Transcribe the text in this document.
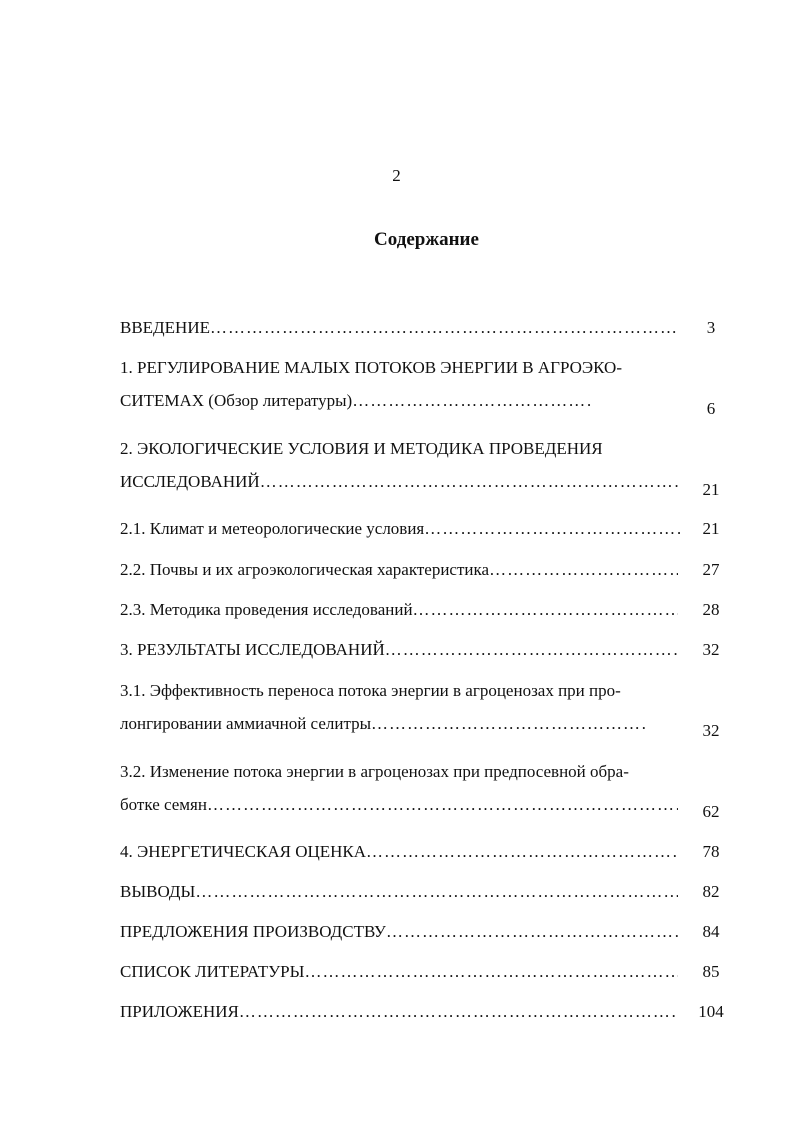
2
Содержание
ВВЕДЕНИЕ …………………………………………………………………………………………………………………………………………	3
1. РЕГУЛИРОВАНИЕ МАЛЫХ ПОТОКОВ ЭНЕРГИИ В АГРОЭКО-
СИТЕМАХ (Обзор литературы) …………………………………………………………………………………………………………………………………………	6
2. ЭКОЛОГИЧЕСКИЕ УСЛОВИЯ И МЕТОДИКА ПРОВЕДЕНИЯ
ИССЛЕДОВАНИЙ …………………………………………………………………………………………………………………………………………	21
2.1. Климат и метеорологические условия …………………………………………………………………………………………………………………………………………	21
2.2. Почвы и их агроэкологическая характеристика …………………………………………………………………………………………………………………………………………	27
2.3. Методика проведения исследований …………………………………………………………………………………………………………………………………………	28
3. РЕЗУЛЬТАТЫ ИССЛЕДОВАНИЙ …………………………………………………………………………………………………………………………………………	32
3.1. Эффективность переноса потока энергии в агроценозах при про-
лонгировании аммиачной селитры …………………………………………………………………………………………………………………………………………	32
3.2. Изменение потока энергии в агроценозах при предпосевной обра-
ботке семян …………………………………………………………………………………………………………………………………………	62
4. ЭНЕРГЕТИЧЕСКАЯ ОЦЕНКА …………………………………………………………………………………………………………………………………………	78
ВЫВОДЫ …………………………………………………………………………………………………………………………………………	82
ПРЕДЛОЖЕНИЯ ПРОИЗВОДСТВУ …………………………………………………………………………………………………………………………………………	84
СПИСОК ЛИТЕРАТУРЫ …………………………………………………………………………………………………………………………………………	85
ПРИЛОЖЕНИЯ …………………………………………………………………………………………………………………………………………	104
